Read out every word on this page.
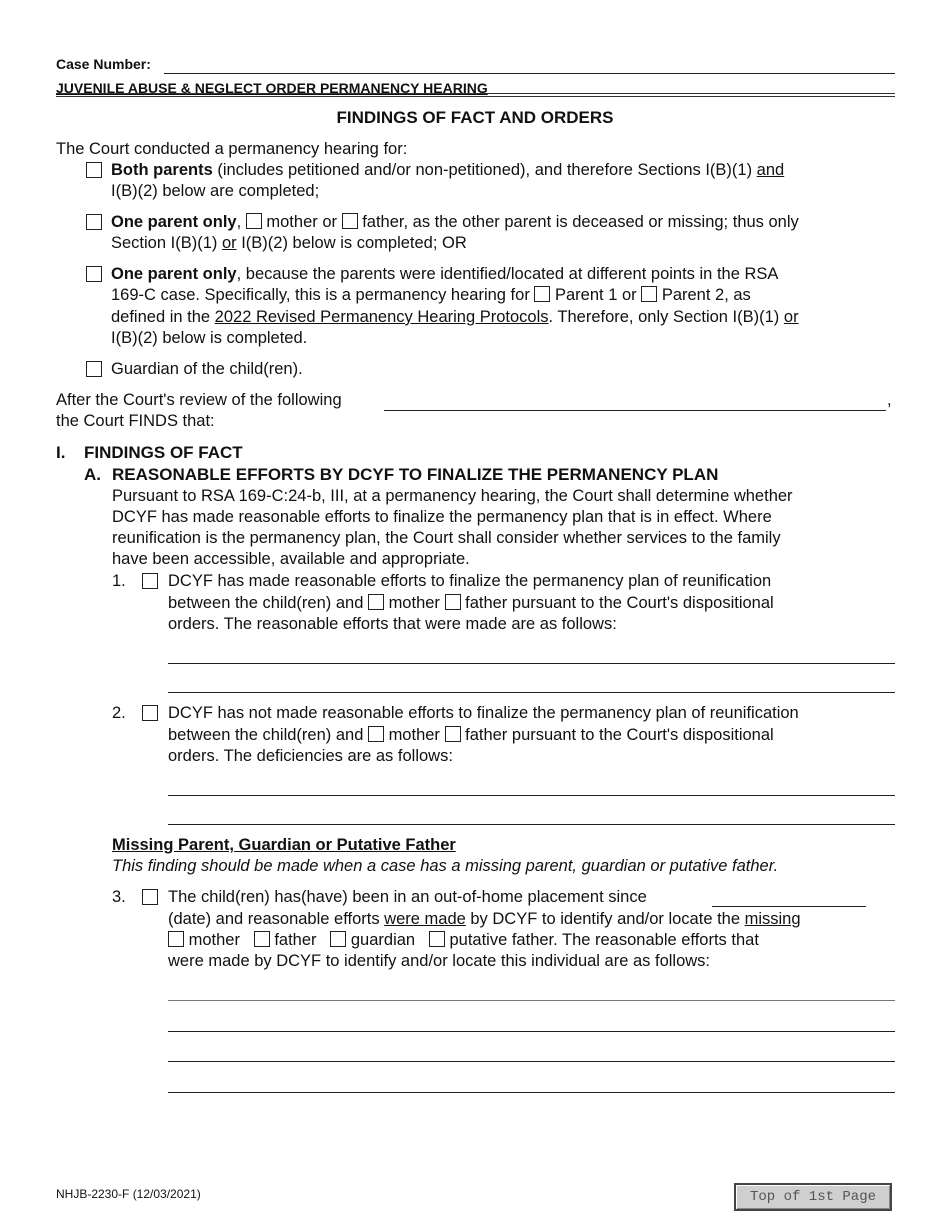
Case Number:
JUVENILE ABUSE & NEGLECT ORDER PERMANENCY HEARING
FINDINGS OF FACT AND ORDERS
The Court conducted a permanency hearing for:
Both parents (includes petitioned and/or non-petitioned), and therefore Sections I(B)(1) and
I(B)(2) below are completed;
One parent only, mother or father, as the other parent is deceased or missing; thus only
Section I(B)(1) or I(B)(2) below is completed; OR
One parent only, because the parents were identified/located at different points in the RSA
169-C case. Specifically, this is a permanency hearing for Parent 1 or Parent 2, as
defined in the 2022 Revised Permanency Hearing Protocols. Therefore, only Section I(B)(1) or
I(B)(2) below is completed.
Guardian of the child(ren).
After the Court's review of the following	,
the Court FINDS that:
I. FINDINGS OF FACT
A. REASONABLE EFFORTS BY DCYF TO FINALIZE THE PERMANENCY PLAN
Pursuant to RSA 169-C:24-b, III, at a permanency hearing, the Court shall determine whether
DCYF has made reasonable efforts to finalize the permanency plan that is in effect. Where
reunification is the permanency plan, the Court shall consider whether services to the family
have been accessible, available and appropriate.
1.	DCYF has made reasonable efforts to finalize the permanency plan of reunification
between the child(ren) and mother father pursuant to the Court's dispositional
orders. The reasonable efforts that were made are as follows:
2.	DCYF has not made reasonable efforts to finalize the permanency plan of reunification
between the child(ren) and mother father pursuant to the Court's dispositional
orders. The deficiencies are as follows:
Missing Parent, Guardian or Putative Father
This finding should be made when a case has a missing parent, guardian or putative father.
3.	The child(ren) has(have) been in an out-of-home placement since
(date) and reasonable efforts were made by DCYF to identify and/or locate the missing
mother father guardian putative father. The reasonable efforts that
were made by DCYF to identify and/or locate this individual are as follows:
NHJB-2230-F (12/03/2021)	Top of 1st Page
